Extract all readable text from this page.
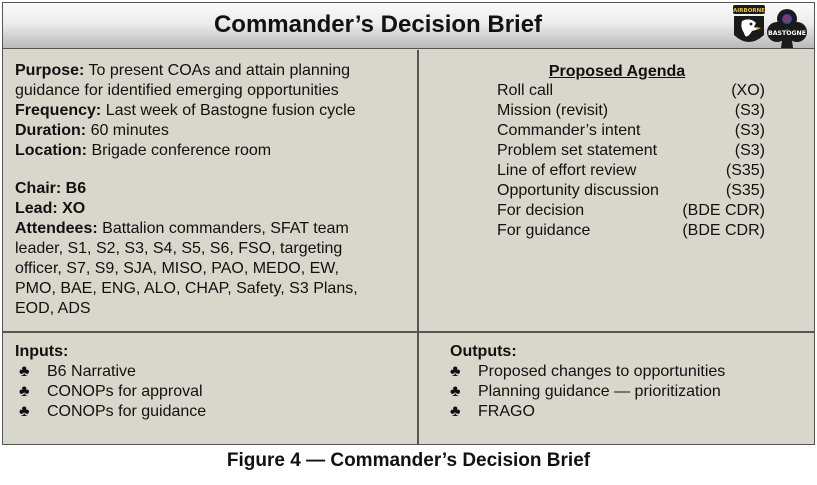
Commander’s Decision Brief	AIRBORNE
BASTOGNE
Purpose: To present COAs and attain planning
guidance for identified emerging opportunities
Frequency: Last week of Bastogne fusion cycle
Duration: 60 minutes
Location: Brigade conference room
Chair: B6
Lead: XO
Attendees: Battalion commanders, SFAT team
leader, S1, S2, S3, S4, S5, S6, FSO, targeting
officer, S7, S9, SJA, MISO, PAO, MEDO, EW,
PMO, BAE, ENG, ALO, CHAP, Safety, S3 Plans,
EOD, ADS
Proposed Agenda
Roll call	(XO)
Mission (revisit)	(S3)
Commander’s intent	(S3)
Problem set statement	(S3)
Line of effort review	(S35)
Opportunity discussion	(S35)
For decision	(BDE CDR)
For guidance	(BDE CDR)
Inputs:
♣ B6 Narrative
♣ CONOPs for approval
♣ CONOPs for guidance
Outputs:
♣ Proposed changes to opportunities
♣ Planning guidance — prioritization
♣ FRAGO
Figure 4 — Commander’s Decision Brief
